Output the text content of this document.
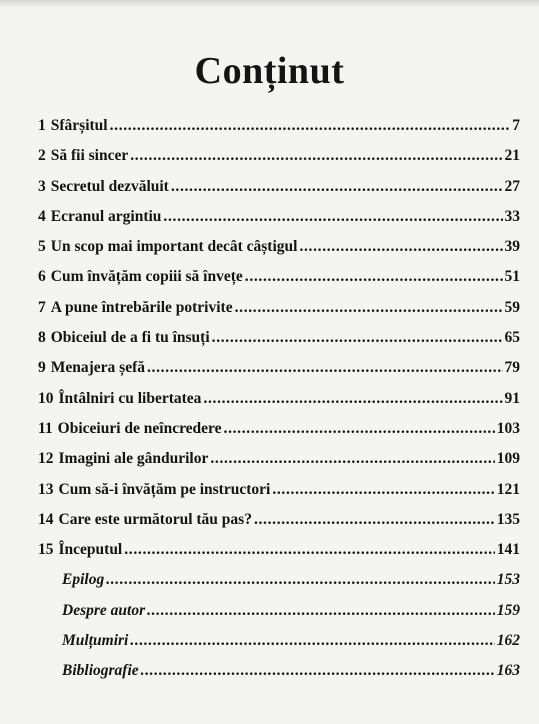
Conținut
1 Sfârșitul . . .	7
2 Să fii sincer . . .	21
3 Secretul dezvăluit . . .	27
4 Ecranul argintiu . . .	33
5 Un scop mai important decât câștigul . . .	39
6 Cum învățăm copiii să învețe . . .	51
7 A pune întrebările potrivite . . .	59
8 Obiceiul de a fi tu însuți . . .	65
9 Menajera șefă . . .	79
10 Întâlniri cu libertatea . . .	91
11 Obiceiuri de neîncredere . . .	103
12 Imagini ale gândurilor . . .	109
13 Cum să-i învățăm pe instructori . . .	121
14 Care este următorul tău pas? . . .	135
15 Începutul . . .	141
Epilog . . .	153
Despre autor . . .	159
Mulțumiri . . .	162
Bibliografie . . .	163
